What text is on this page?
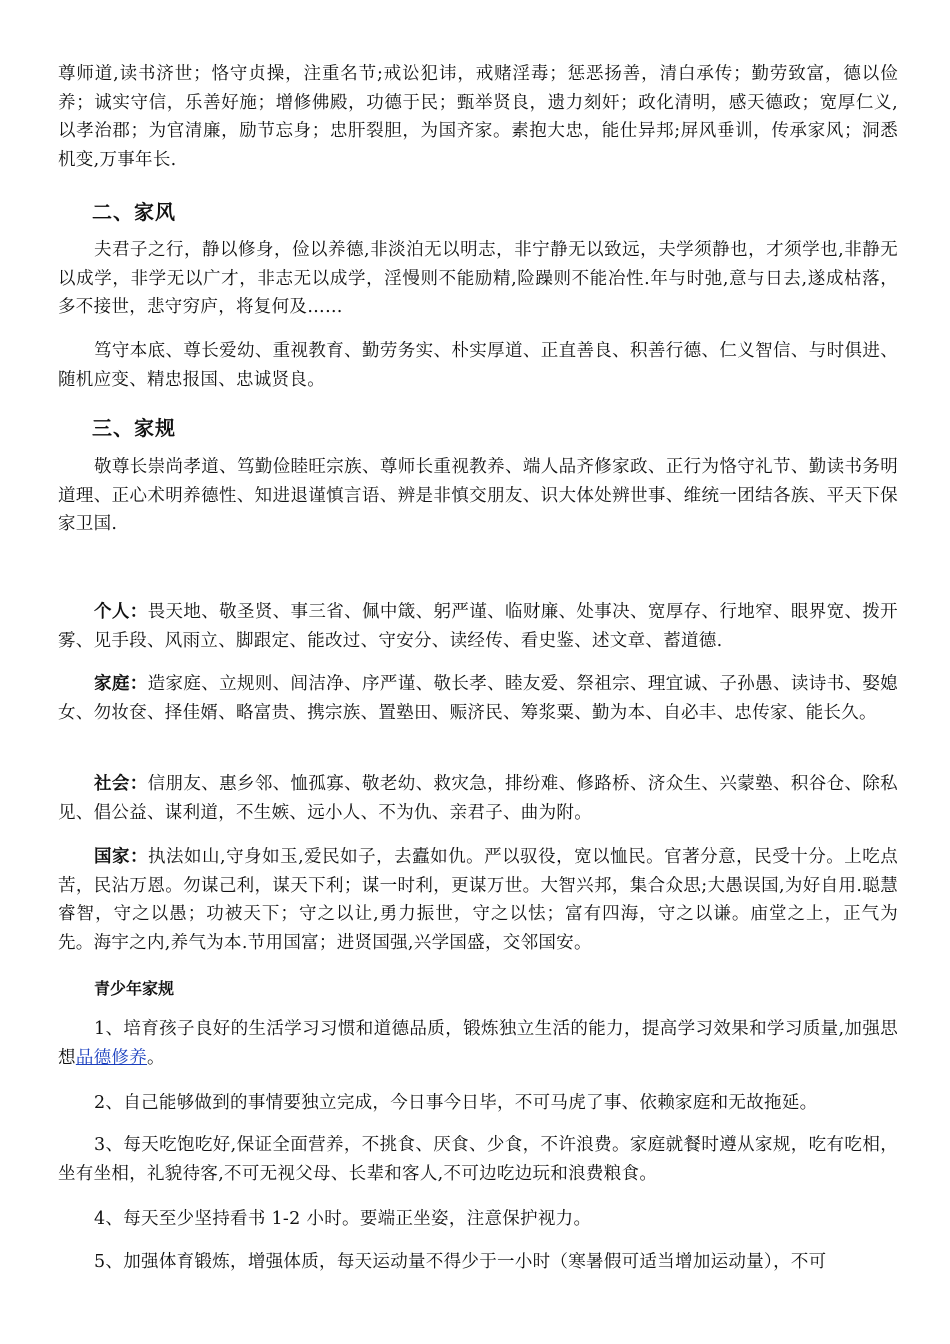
尊师道,读书济世；恪守贞操，注重名节;戒讼犯讳，戒赌淫毒；惩恶扬善，清白承传；勤劳致富，德以俭养；诚实守信，乐善好施；增修佛殿，功德于民；甄举贤良，遗力刻奸；政化清明，感天德政；宽厚仁义,以孝治郡；为官清廉，励节忘身；忠肝裂胆，为国齐家。素抱大忠，能仕异邦;屏风垂训，传承家风；洞悉机变,万事年长.
二、家风
夫君子之行，静以修身，俭以养德,非淡泊无以明志，非宁静无以致远，夫学须静也，才须学也,非静无以成学，非学无以广才，非志无以成学，淫慢则不能励精,险躁则不能冶性.年与时弛,意与日去,遂成枯落，多不接世，悲守穷庐，将复何及……
笃守本底、尊长爱幼、重视教育、勤劳务实、朴实厚道、正直善良、积善行德、仁义智信、与时俱进、随机应变、精忠报国、忠诚贤良。
三、家规
敬尊长崇尚孝道、笃勤俭睦旺宗族、尊师长重视教养、端人品齐修家政、正行为恪守礼节、勤读书务明道理、正心术明养德性、知进退谨慎言语、辨是非慎交朋友、识大体处辨世事、维统一团结各族、平天下保家卫国.
个人：畏天地、敬圣贤、事三省、佩中箴、躬严谨、临财廉、处事决、宽厚存、行地窄、眼界宽、拨开雾、见手段、风雨立、脚跟定、能改过、守安分、读经传、看史鉴、述文章、蓄道德.
家庭：造家庭、立规则、闾洁净、序严谨、敬长孝、睦友爱、祭祖宗、理宜诚、子孙愚、读诗书、娶媳女、勿妆奁、择佳婿、略富贵、携宗族、置塾田、赈济民、筹浆粟、勤为本、自必丰、忠传家、能长久。
社会：信朋友、惠乡邻、恤孤寡、敬老幼、救灾急，排纷难、修路桥、济众生、兴蒙塾、积谷仓、除私见、倡公益、谋利道，不生嫉、远小人、不为仇、亲君子、曲为附。
国家：执法如山,守身如玉,爱民如子，去蠹如仇。严以驭役，宽以恤民。官著分意，民受十分。上吃点苦，民沾万恩。勿谋己利，谋天下利；谋一时利，更谋万世。大智兴邦，集合众思;大愚误国,为好自用.聪慧睿智，守之以愚；功被天下；守之以让,勇力振世，守之以怯；富有四海，守之以谦。庙堂之上，正气为先。海宇之内,养气为本.节用国富；进贤国强,兴学国盛，交邻国安。
青少年家规
1、培育孩子良好的生活学习习惯和道德品质，锻炼独立生活的能力，提高学习效果和学习质量,加强思想品德修养。
2、自己能够做到的事情要独立完成，今日事今日毕，不可马虎了事、依赖家庭和无故拖延。
3、每天吃饱吃好,保证全面营养，不挑食、厌食、少食，不许浪费。家庭就餐时遵从家规，吃有吃相，坐有坐相，礼貌待客,不可无视父母、长辈和客人,不可边吃边玩和浪费粮食。
4、每天至少坚持看书 1-2 小时。要端正坐姿，注意保护视力。
5、加强体育锻炼，增强体质，每天运动量不得少于一小时（寒暑假可适当增加运动量），不可
